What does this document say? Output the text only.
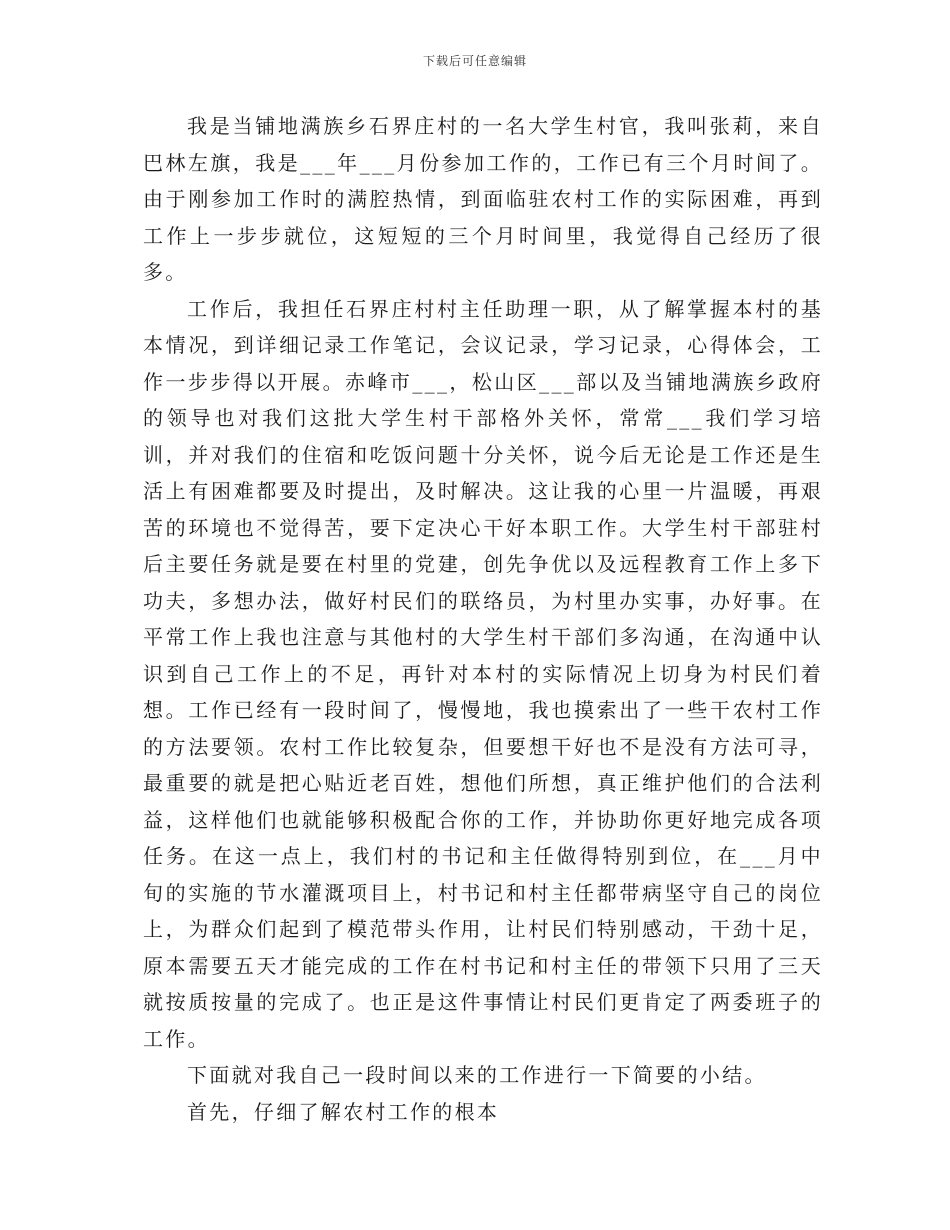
下载后可任意编辑

我是当铺地满族乡石界庄村的一名大学生村官，我叫张莉，来自巴林左旗，我是___年___月份参加工作的，工作已有三个月时间了。由于刚参加工作时的满腔热情，到面临驻农村工作的实际困难，再到工作上一步步就位，这短短的三个月时间里，我觉得自己经历了很多。

工作后，我担任石界庄村村主任助理一职，从了解掌握本村的基本情况，到详细记录工作笔记，会议记录，学习记录，心得体会，工作一步步得以开展。赤峰市___，松山区___部以及当铺地满族乡政府的领导也对我们这批大学生村干部格外关怀，常常___我们学习培训，并对我们的住宿和吃饭问题十分关怀，说今后无论是工作还是生活上有困难都要及时提出，及时解决。这让我的心里一片温暖，再艰苦的环境也不觉得苦，要下定决心干好本职工作。大学生村干部驻村后主要任务就是要在村里的党建，创先争优以及远程教育工作上多下功夫，多想办法，做好村民们的联络员，为村里办实事，办好事。在平常工作上我也注意与其他村的大学生村干部们多沟通，在沟通中认识到自己工作上的不足，再针对本村的实际情况上切身为村民们着想。工作已经有一段时间了，慢慢地，我也摸索出了一些干农村工作的方法要领。农村工作比较复杂，但要想干好也不是没有方法可寻，最重要的就是把心贴近老百姓，想他们所想，真正维护他们的合法利益，这样他们也就能够积极配合你的工作，并协助你更好地完成各项任务。在这一点上，我们村的书记和主任做得特别到位，在___月中旬的实施的节水灌溉项目上，村书记和村主任都带病坚守自己的岗位上，为群众们起到了模范带头作用，让村民们特别感动，干劲十足，原本需要五天才能完成的工作在村书记和村主任的带领下只用了三天就按质按量的完成了。也正是这件事情让村民们更肯定了两委班子的工作。

下面就对我自己一段时间以来的工作进行一下简要的小结。

首先，仔细了解农村工作的根本
